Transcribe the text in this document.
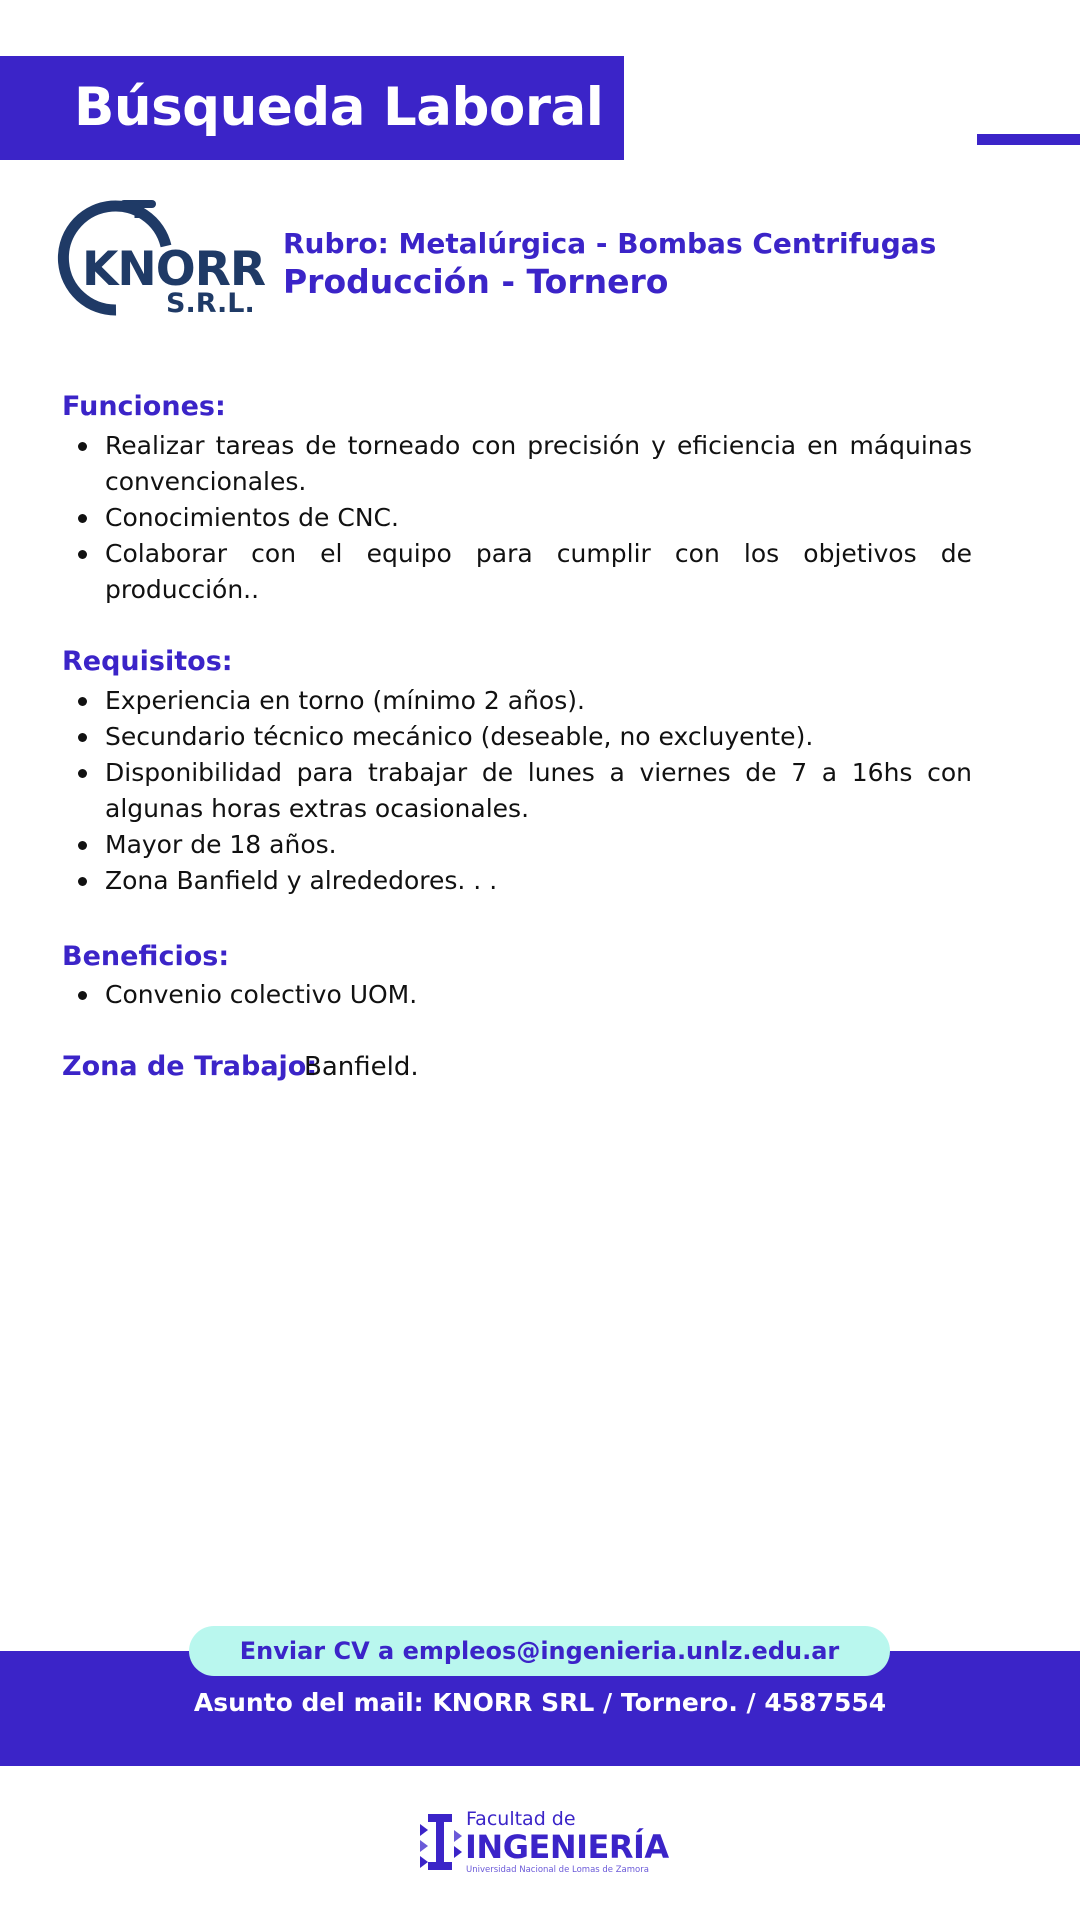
Búsqueda Laboral
KNORR
S.R.L.
Rubro: Metalúrgica - Bombas Centrifugas
Producción - Tornero
Funciones:
Realizar tareas de torneado con precisión y eficiencia en máquinas convencionales.
Conocimientos de CNC.
Colaborar con el equipo para cumplir con los objetivos de producción..
Requisitos:
Experiencia en torno (mínimo 2 años).
Secundario técnico mecánico (deseable, no excluyente).
Disponibilidad para trabajar de lunes a viernes de 7 a 16hs con algunas horas extras ocasionales.
Mayor de 18 años.
Zona Banfield y alrededores. . .
Beneficios:
Convenio colectivo UOM.
Zona de Trabajo:
Banfield.
Enviar CV a empleos@ingenieria.unlz.edu.ar
Asunto del mail: KNORR SRL / Tornero. / 4587554
Facultad de
INGENIERÍA
Universidad Nacional de Lomas de Zamora
